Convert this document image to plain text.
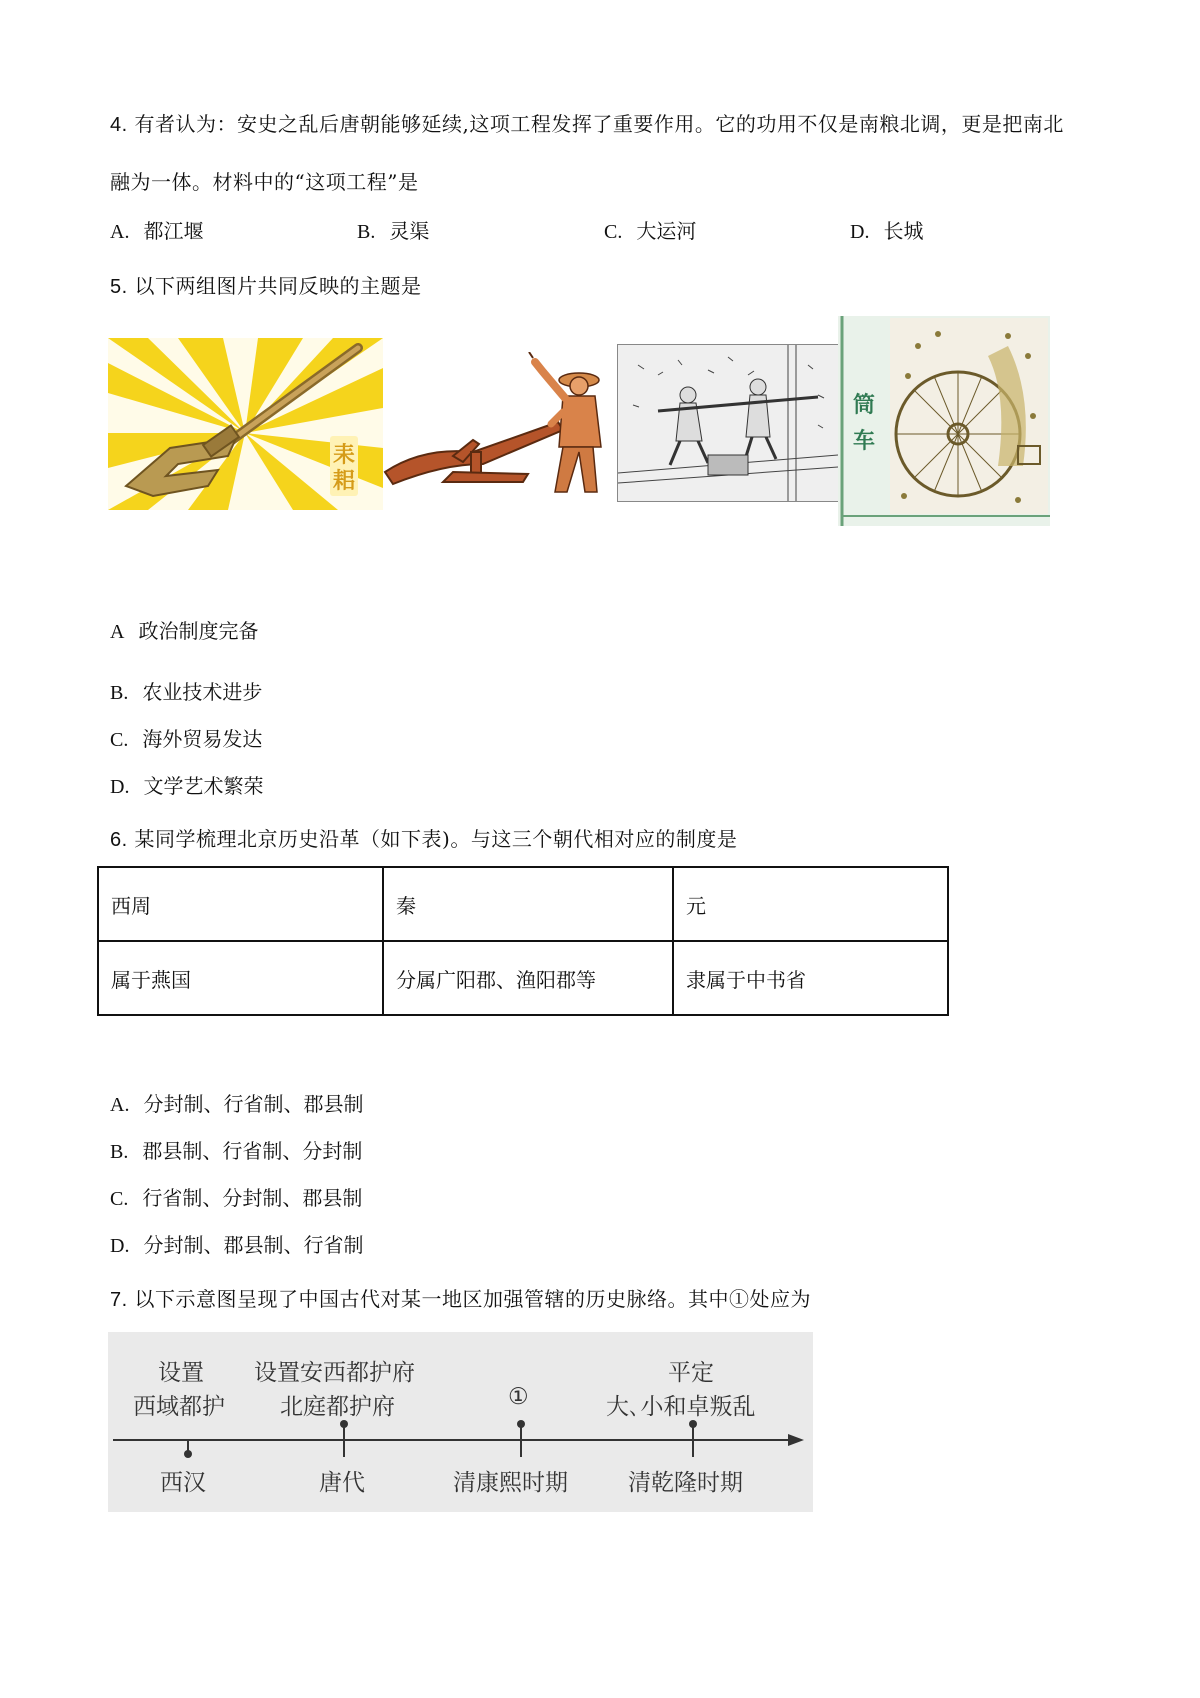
4. 有者认为：安史之乱后唐朝能够延续,这项工程发挥了重要作用。它的功用不仅是南粮北调，更是把南北
融为一体。材料中的“这项工程”是
A. 都江堰	B. 灵渠	C. 大运河	D. 长城
5. 以下两组图片共同反映的主题是
耒
耜
筒
车
A 政治制度完备
B. 农业技术进步
C. 海外贸易发达
D. 文学艺术繁荣
6. 某同学梳理北京历史沿革（如下表)。与这三个朝代相对应的制度是
西周	秦	元
属于燕国	分属广阳郡、渔阳郡等	隶属于中书省
A. 分封制、行省制、郡县制
B. 郡县制、行省制、分封制
C. 行省制、分封制、郡县制
D. 分封制、郡县制、行省制
7. 以下示意图呈现了中国古代对某一地区加强管辖的历史脉络。其中①处应为
设置
西域都护
西汉
设置安西都护府
北庭都护府
唐代
①
清康熙时期
平定
大､小和卓叛乱
清乾隆时期
